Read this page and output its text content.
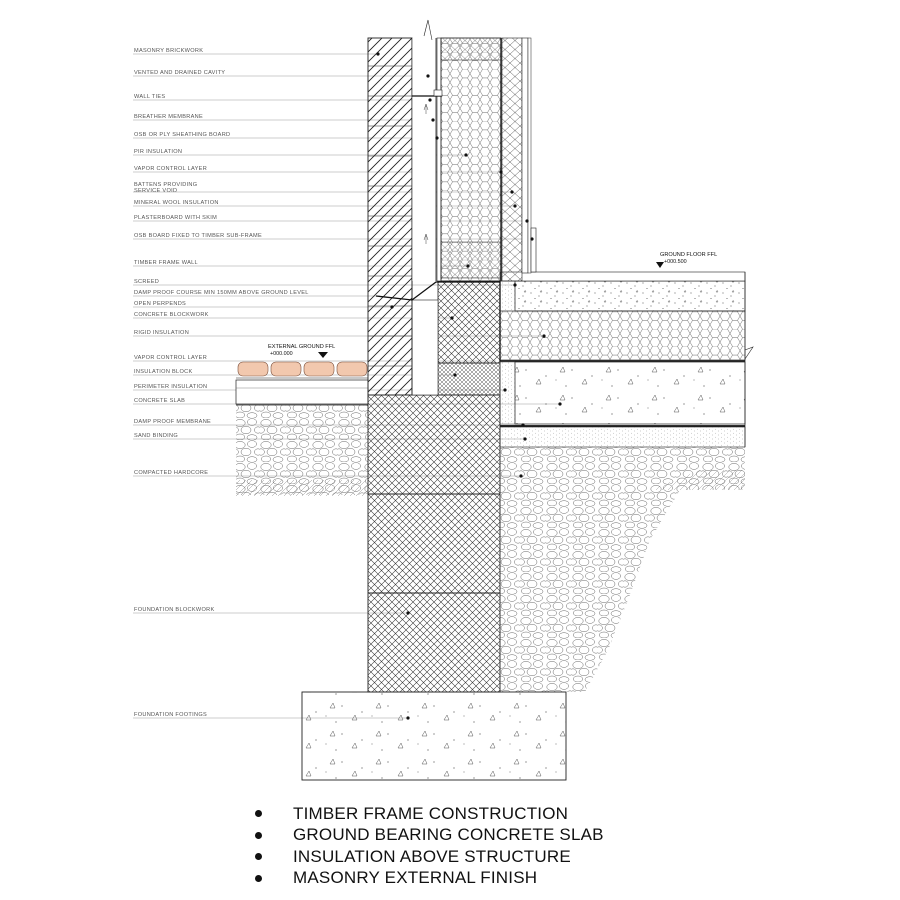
MASONRY BRICKWORK
VENTED AND DRAINED CAVITY
WALL TIES
BREATHER MEMBRANE
OSB OR PLY SHEATHING BOARD
PIR INSULATION
VAPOR CONTROL LAYER
BATTENS PROVIDING
SERVICE VOID
MINERAL WOOL INSULATION
PLASTERBOARD WITH SKIM
OSB BOARD FIXED TO TIMBER SUB-FRAME
TIMBER FRAME WALL
SCREED
DAMP PROOF COURSE MIN 150MM ABOVE GROUND LEVEL
OPEN PERPENDS
CONCRETE BLOCKWORK
RIGID INSULATION
VAPOR CONTROL LAYER
INSULATION BLOCK
PERIMETER INSULATION
CONCRETE SLAB
DAMP PROOF MEMBRANE
SAND BINDING
COMPACTED HARDCORE
FOUNDATION BLOCKWORK
FOUNDATION FOOTINGS
GROUND FLOOR FFL
+000.500
EXTERNAL GROUND FFL
+000.000
TIMBER FRAME CONSTRUCTION
GROUND BEARING CONCRETE SLAB
INSULATION ABOVE STRUCTURE
MASONRY EXTERNAL FINISH
